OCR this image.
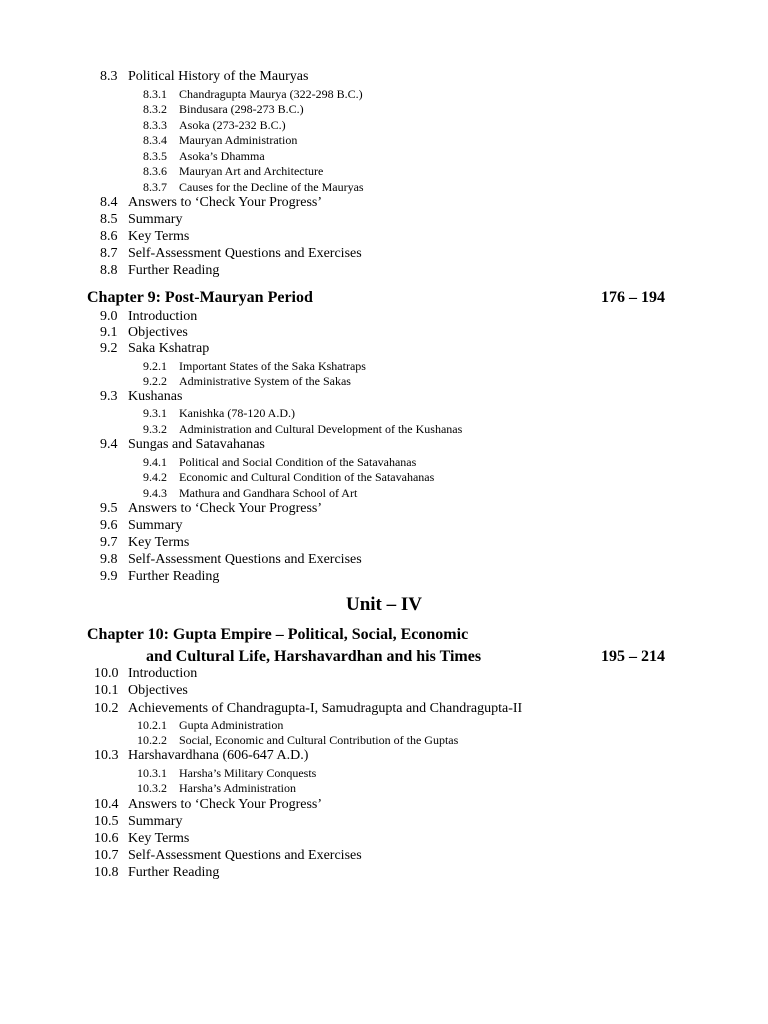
8.3 Political History of the Mauryas
8.3.1 Chandragupta Maurya (322-298 B.C.)
8.3.2 Bindusara (298-273 B.C.)
8.3.3 Asoka (273-232 B.C.)
8.3.4 Mauryan Administration
8.3.5 Asoka’s Dhamma
8.3.6 Mauryan Art and Architecture
8.3.7 Causes for the Decline of the Mauryas
8.4 Answers to ‘Check Your Progress’
8.5 Summary
8.6 Key Terms
8.7 Self-Assessment Questions and Exercises
8.8 Further Reading
Chapter 9: Post-Mauryan Period	176 – 194
9.0 Introduction
9.1 Objectives
9.2 Saka Kshatrap
9.2.1 Important States of the Saka Kshatraps
9.2.2 Administrative System of the Sakas
9.3 Kushanas
9.3.1 Kanishka (78-120 A.D.)
9.3.2 Administration and Cultural Development of the Kushanas
9.4 Sungas and Satavahanas
9.4.1 Political and Social Condition of the Satavahanas
9.4.2 Economic and Cultural Condition of the Satavahanas
9.4.3 Mathura and Gandhara School of Art
9.5 Answers to ‘Check Your Progress’
9.6 Summary
9.7 Key Terms
9.8 Self-Assessment Questions and Exercises
9.9 Further Reading
Unit – IV
Chapter 10: Gupta Empire – Political, Social, Economic
and Cultural Life, Harshavardhan and his Times	195 – 214
10.0 Introduction
10.1 Objectives
10.2 Achievements of Chandragupta-I, Samudragupta and Chandragupta-II
10.2.1 Gupta Administration
10.2.2 Social, Economic and Cultural Contribution of the Guptas
10.3 Harshavardhana (606-647 A.D.)
10.3.1 Harsha’s Military Conquests
10.3.2 Harsha’s Administration
10.4 Answers to ‘Check Your Progress’
10.5 Summary
10.6 Key Terms
10.7 Self-Assessment Questions and Exercises
10.8 Further Reading
